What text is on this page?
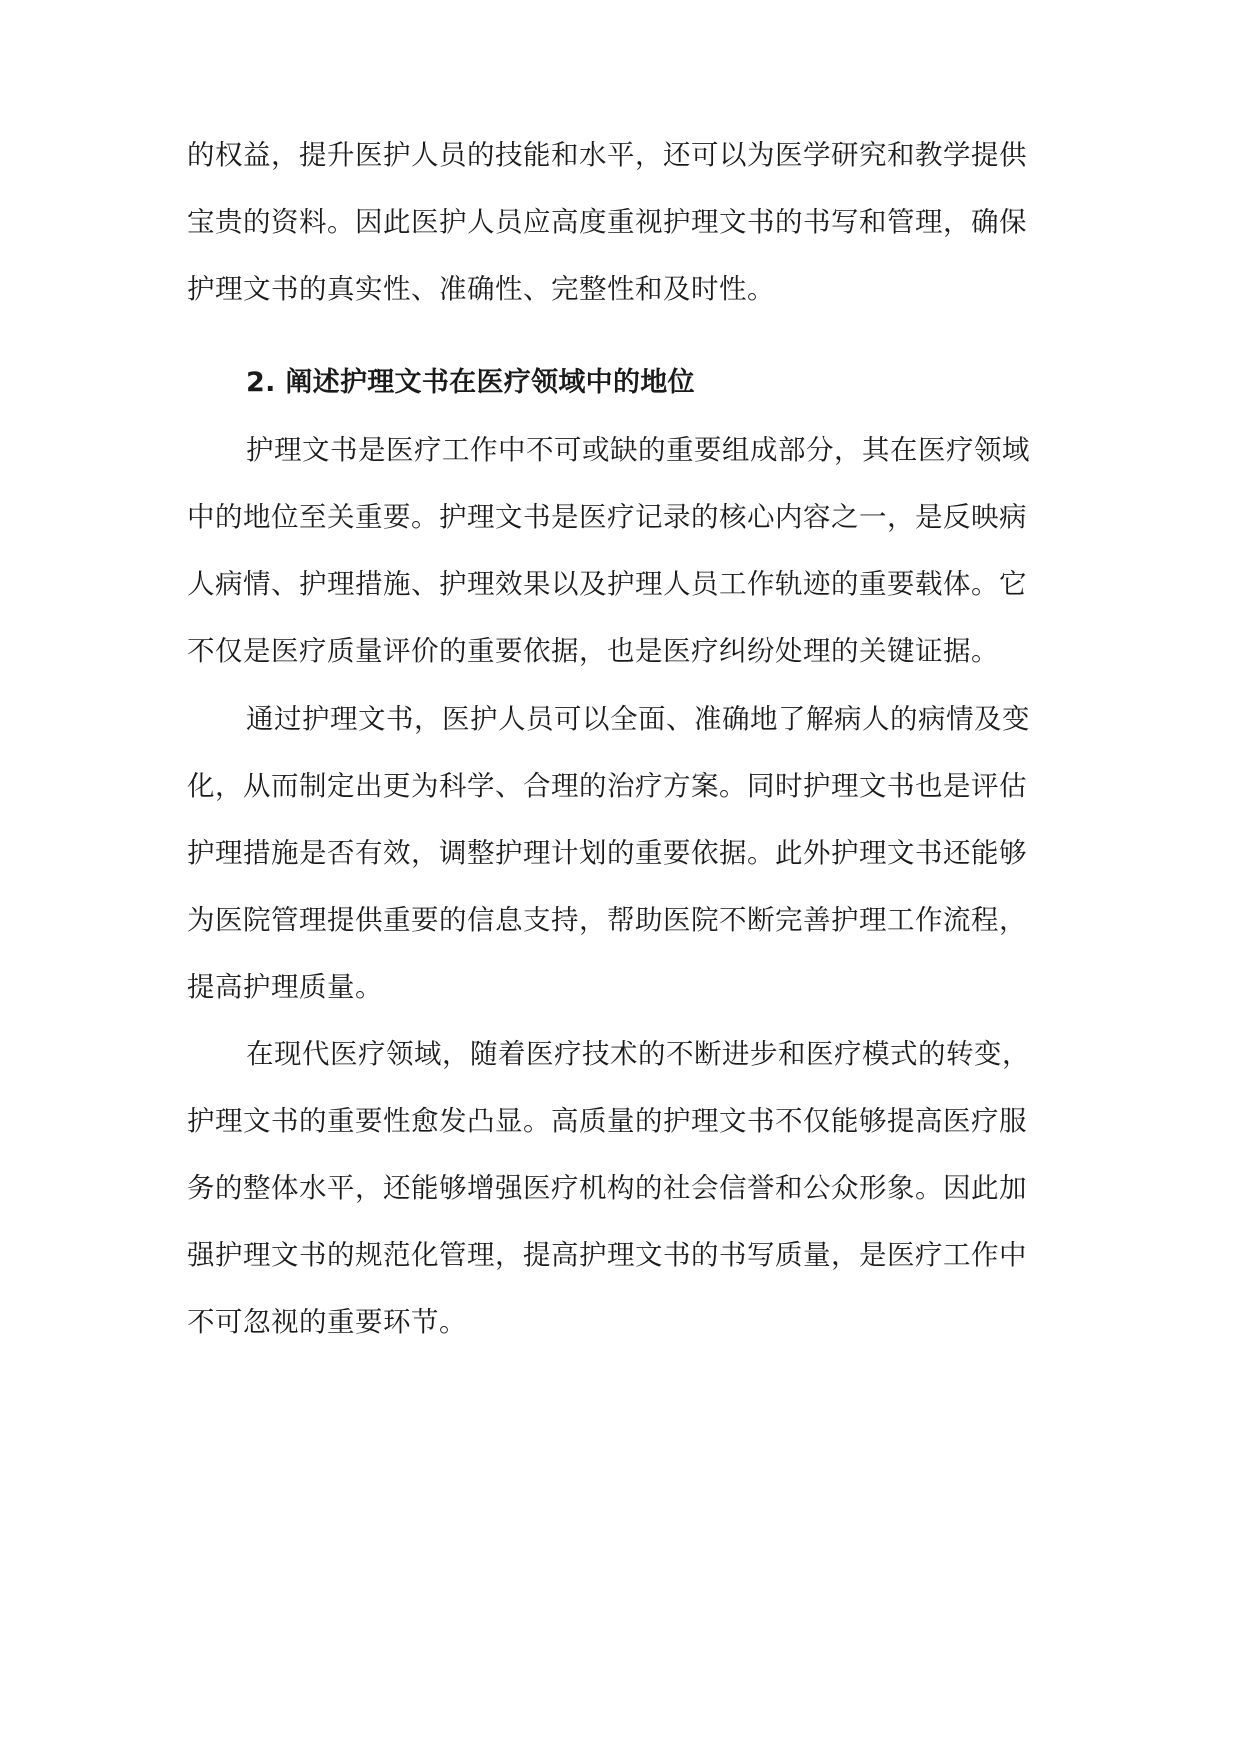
的权益，提升医护人员的技能和水平，还可以为医学研究和教学提供
宝贵的资料。因此医护人员应高度重视护理文书的书写和管理，确保
护理文书的真实性、准确性、完整性和及时性。
2. 阐述护理文书在医疗领域中的地位
护理文书是医疗工作中不可或缺的重要组成部分，其在医疗领域
中的地位至关重要。护理文书是医疗记录的核心内容之一，是反映病
人病情、护理措施、护理效果以及护理人员工作轨迹的重要载体。它
不仅是医疗质量评价的重要依据，也是医疗纠纷处理的关键证据。
通过护理文书，医护人员可以全面、准确地了解病人的病情及变
化，从而制定出更为科学、合理的治疗方案。同时护理文书也是评估
护理措施是否有效，调整护理计划的重要依据。此外护理文书还能够
为医院管理提供重要的信息支持，帮助医院不断完善护理工作流程，
提高护理质量。
在现代医疗领域，随着医疗技术的不断进步和医疗模式的转变，
护理文书的重要性愈发凸显。高质量的护理文书不仅能够提高医疗服
务的整体水平，还能够增强医疗机构的社会信誉和公众形象。因此加
强护理文书的规范化管理，提高护理文书的书写质量，是医疗工作中
不可忽视的重要环节。
